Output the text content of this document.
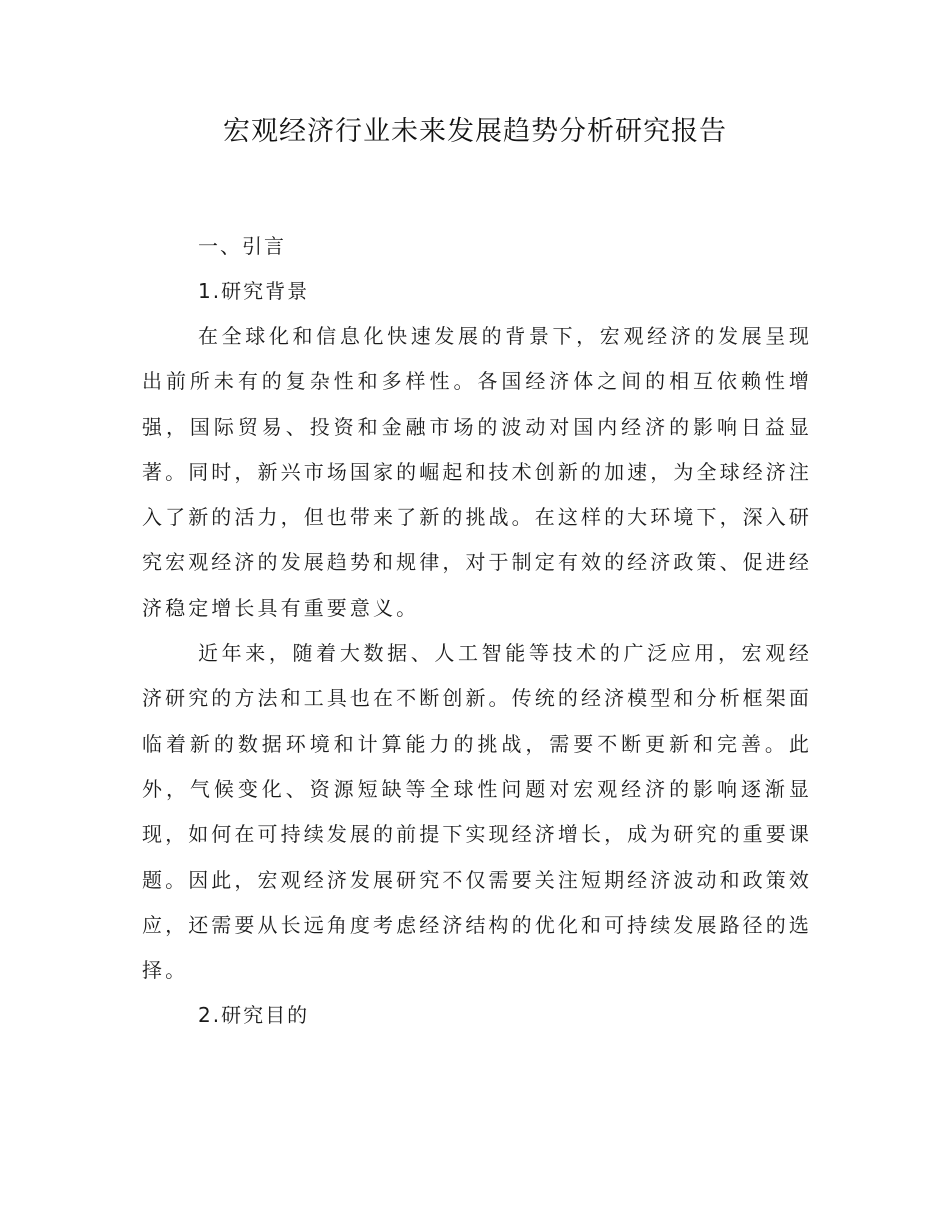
宏观经济行业未来发展趋势分析研究报告

一、引言

1.研究背景

在全球化和信息化快速发展的背景下，宏观经济的发展呈现出前所未有的复杂性和多样性。各国经济体之间的相互依赖性增强，国际贸易、投资和金融市场的波动对国内经济的影响日益显著。同时，新兴市场国家的崛起和技术创新的加速，为全球经济注入了新的活力，但也带来了新的挑战。在这样的大环境下，深入研究宏观经济的发展趋势和规律，对于制定有效的经济政策、促进经济稳定增长具有重要意义。

近年来，随着大数据、人工智能等技术的广泛应用，宏观经济研究的方法和工具也在不断创新。传统的经济模型和分析框架面临着新的数据环境和计算能力的挑战，需要不断更新和完善。此外，气候变化、资源短缺等全球性问题对宏观经济的影响逐渐显现，如何在可持续发展的前提下实现经济增长，成为研究的重要课题。因此，宏观经济发展研究不仅需要关注短期经济波动和政策效应，还需要从长远角度考虑经济结构的优化和可持续发展路径的选择。

2.研究目的
